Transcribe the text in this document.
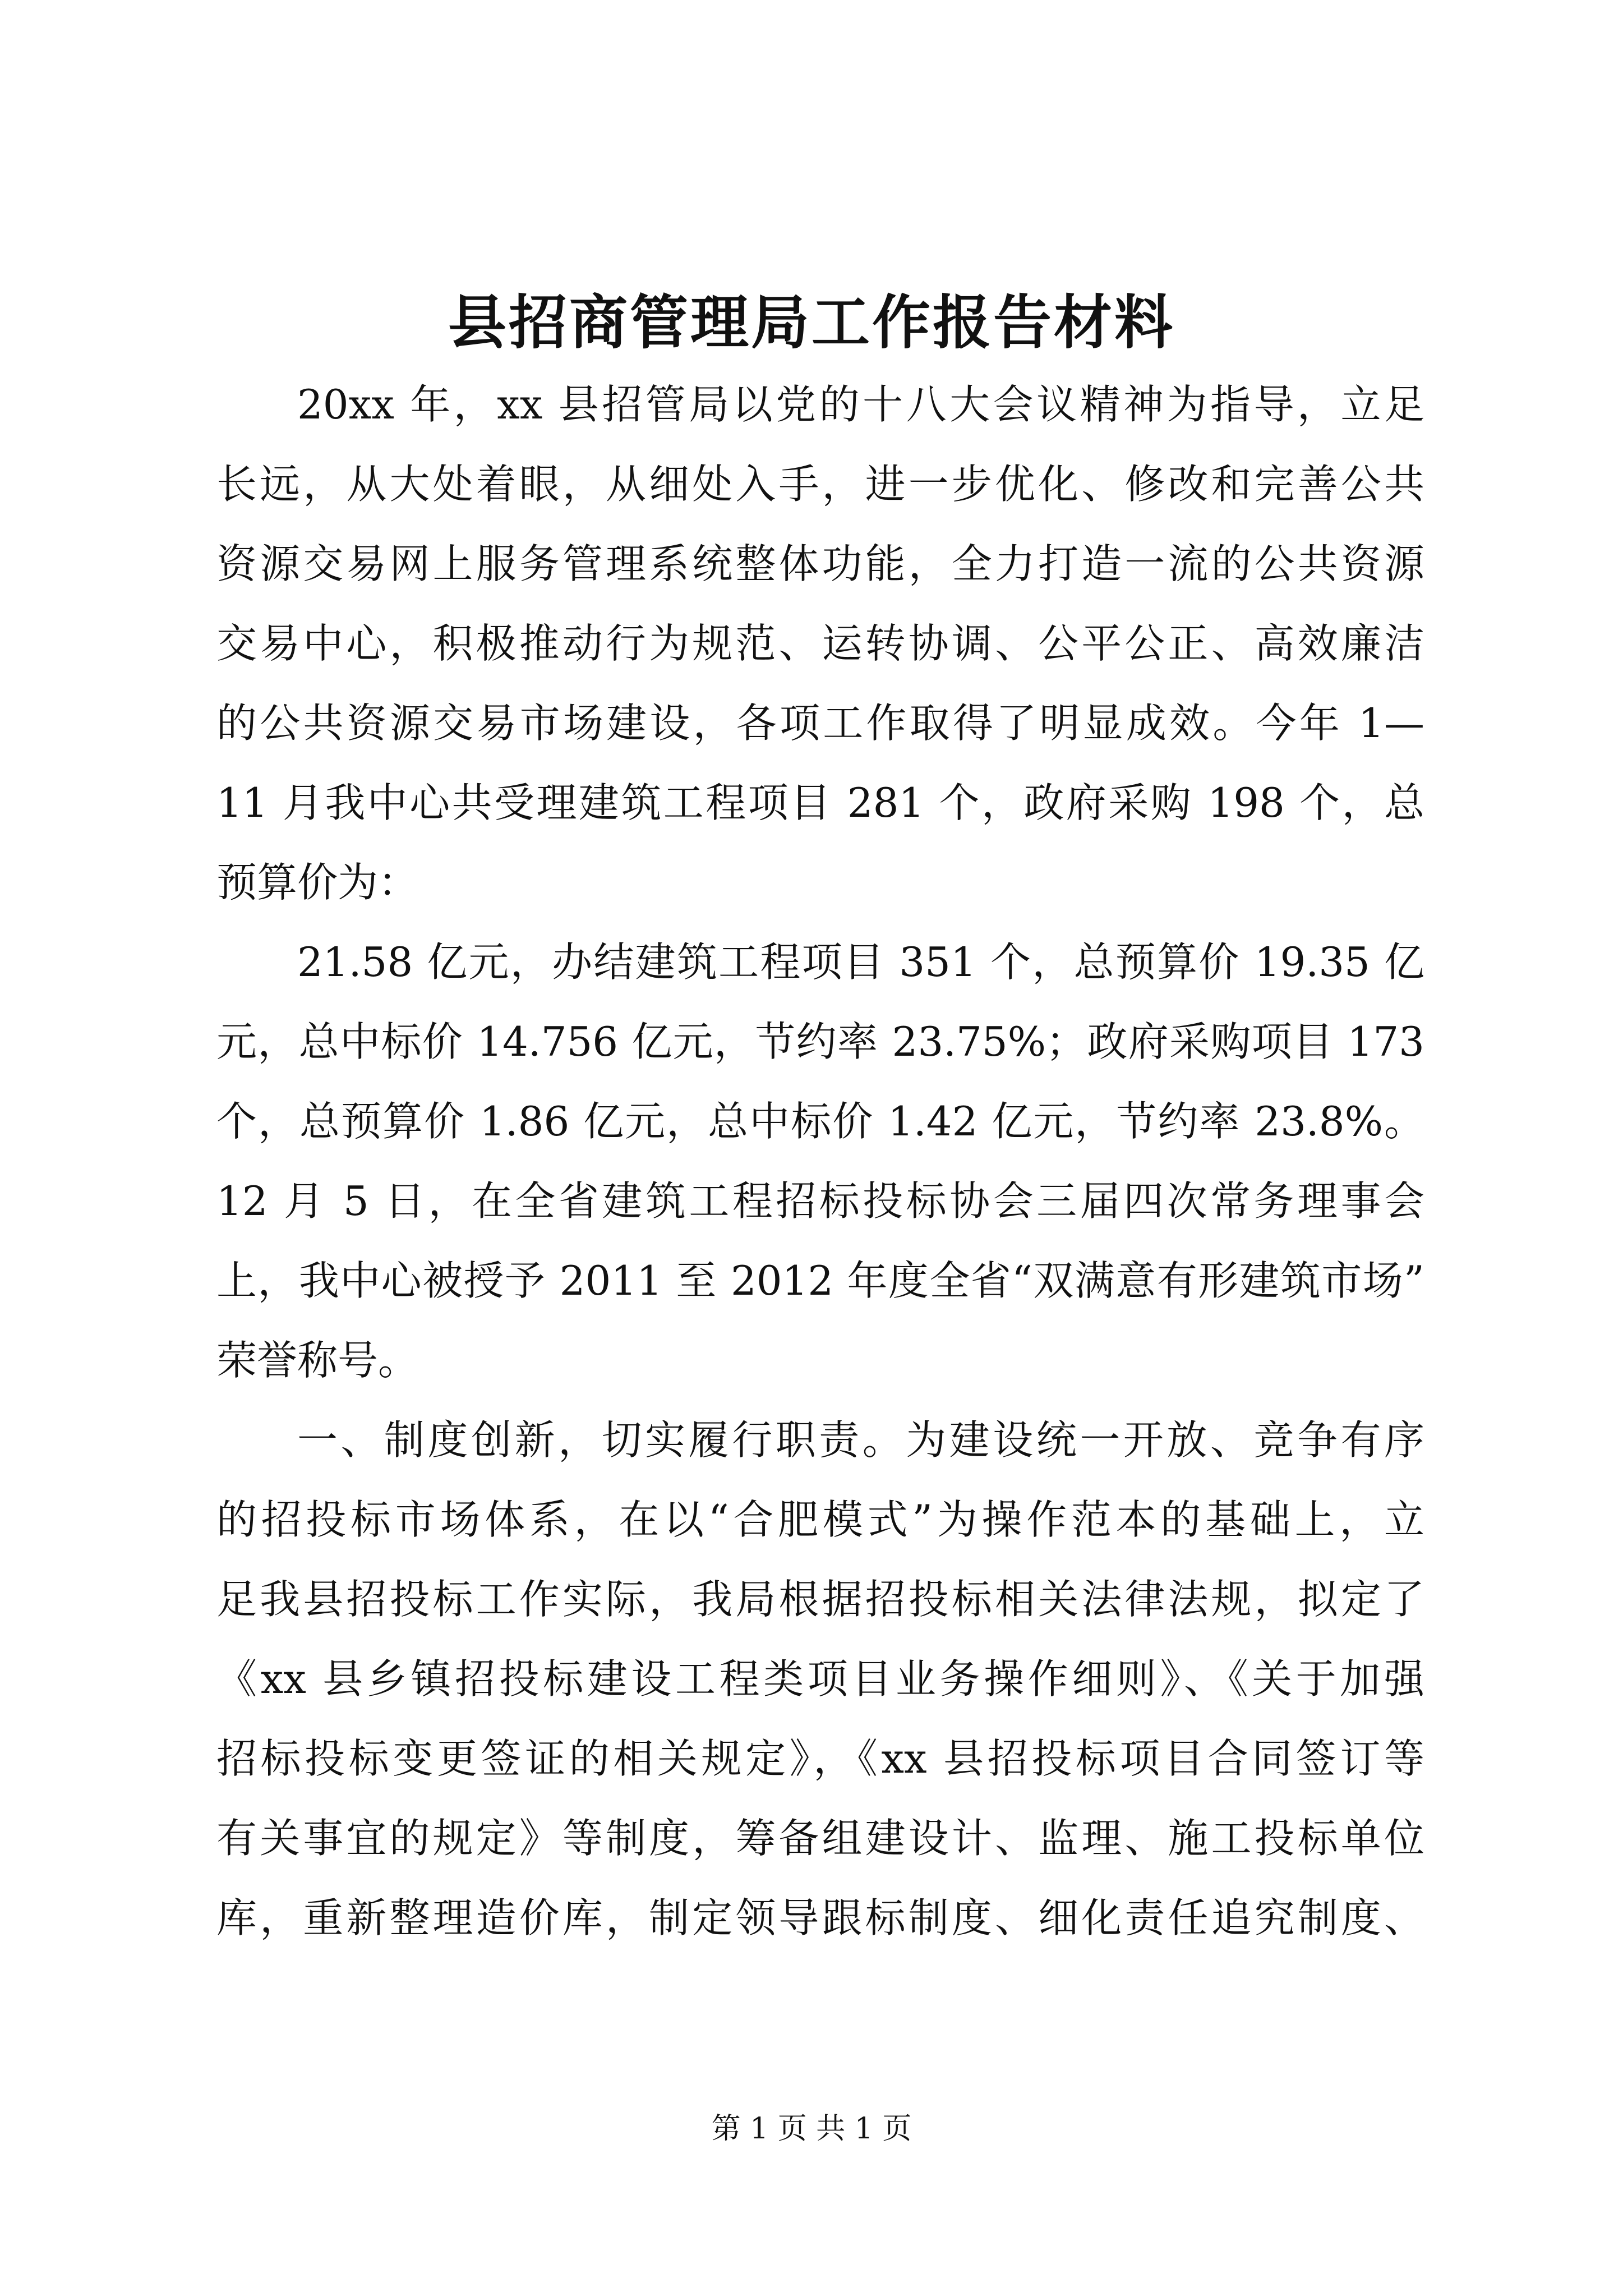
县招商管理局工作报告材料
20xx 年，xx 县招管局以党的十八大会议精神为指导，立足
长远，从大处着眼，从细处入手，进一步优化、修改和完善公共
资源交易网上服务管理系统整体功能，全力打造一流的公共资源
交易中心，积极推动行为规范、运转协调、公平公正、高效廉洁
的公共资源交易市场建设，各项工作取得了明显成效。今年 1—
11 月我中心共受理建筑工程项目 281 个，政府采购 198 个，总
预算价为：
21.58 亿元，办结建筑工程项目 351 个，总预算价 19.35 亿
元，总中标价 14.756 亿元，节约率 23.75%；政府采购项目 173
个，总预算价 1.86 亿元，总中标价 1.42 亿元，节约率 23.8%。
12 月 5 日，在全省建筑工程招标投标协会三届四次常务理事会
上，我中心被授予 2011 至 2012 年度全省“双满意有形建筑市场”
荣誉称号。
一、制度创新，切实履行职责。为建设统一开放、竞争有序
的招投标市场体系，在以“合肥模式”为操作范本的基础上，立
足我县招投标工作实际，我局根据招投标相关法律法规，拟定了
《xx 县乡镇招投标建设工程类项目业务操作细则》、《关于加强
招标投标变更签证的相关规定》，《xx 县招投标项目合同签订等
有关事宜的规定》等制度，筹备组建设计、监理、施工投标单位
库，重新整理造价库，制定领导跟标制度、细化责任追究制度、
第 1 页 共 1 页
